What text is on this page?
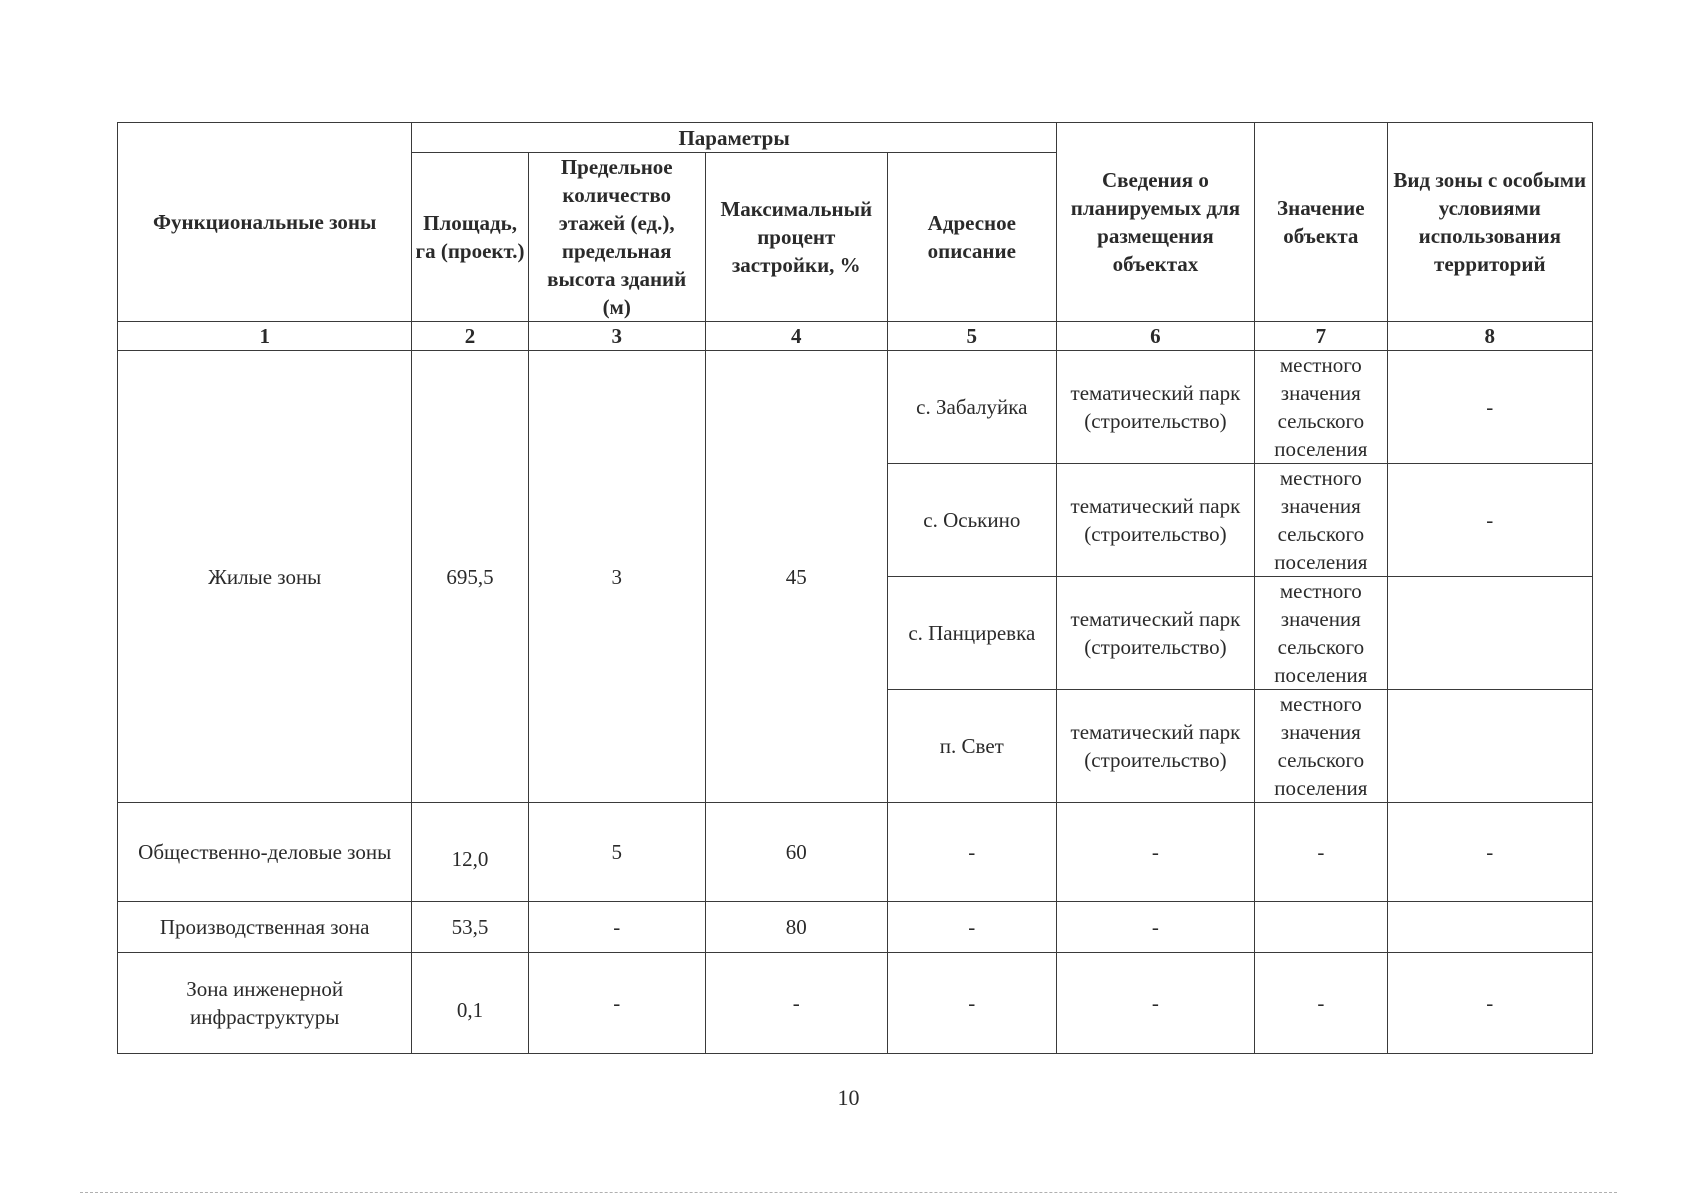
Функциональные зоны	Параметры				Сведения о планируемых для размещения объектах	Значение объекта	Вид зоны с особыми условиями использования территорий
	Площадь, га (проект.)	Предельное количество этажей (ед.), предельная высота зданий (м)	Максимальный процент застройки, %	Адресное описание			
1	2	3	4	5	6	7	8
Жилые зоны	695,5	3	45	с. Забалуйка	тематический парк (строительство)	местного значения сельского поселения	-
				с. Оськино	тематический парк (строительство)	местного значения сельского поселения	-
				с. Панциревка	тематический парк (строительство)	местного значения сельского поселения	
				п. Свет	тематический парк (строительство)	местного значения сельского поселения	
Общественно-деловые зоны	12,0	5	60	-	-	-	-
Производственная зона	53,5	-	80	-	-		
Зона инженерной инфраструктуры	0,1	-	-	-	-	-	-
10
